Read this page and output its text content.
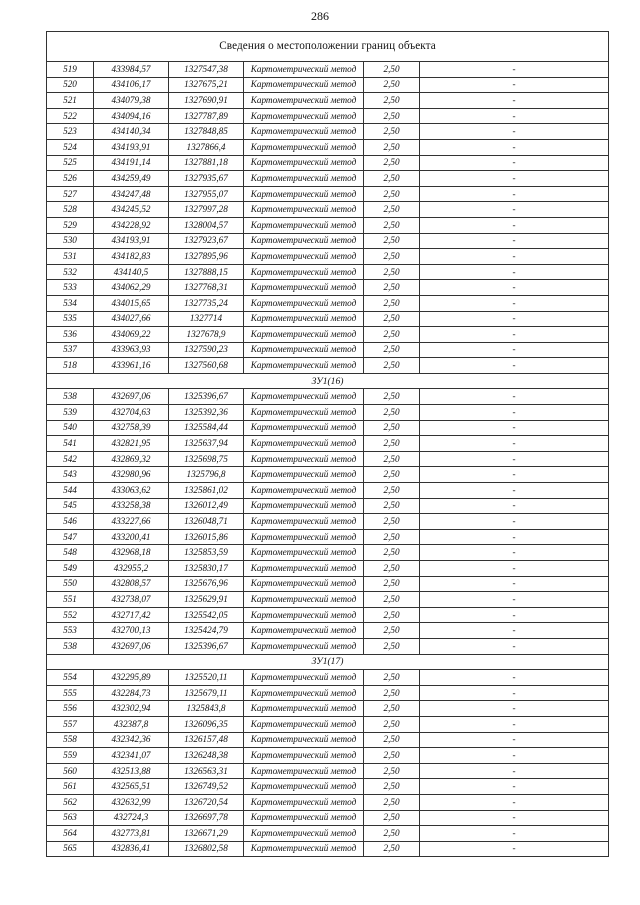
286
Сведения о местоположении границ объекта					
519	433984,57	1327547,38	Картометрический метод	2,50	-
520	434106,17	1327675,21	Картометрический метод	2,50	-
521	434079,38	1327690,91	Картометрический метод	2,50	-
522	434094,16	1327787,89	Картометрический метод	2,50	-
523	434140,34	1327848,85	Картометрический метод	2,50	-
524	434193,91	1327866,4	Картометрический метод	2,50	-
525	434191,14	1327881,18	Картометрический метод	2,50	-
526	434259,49	1327935,67	Картометрический метод	2,50	-
527	434247,48	1327955,07	Картометрический метод	2,50	-
528	434245,52	1327997,28	Картометрический метод	2,50	-
529	434228,92	1328004,57	Картометрический метод	2,50	-
530	434193,91	1327923,67	Картометрический метод	2,50	-
531	434182,83	1327895,96	Картометрический метод	2,50	-
532	434140,5	1327888,15	Картометрический метод	2,50	-
533	434062,29	1327768,31	Картометрический метод	2,50	-
534	434015,65	1327735,24	Картометрический метод	2,50	-
535	434027,66	1327714	Картометрический метод	2,50	-
536	434069,22	1327678,9	Картометрический метод	2,50	-
537	433963,93	1327590,23	Картометрический метод	2,50	-
518	433961,16	1327560,68	Картометрический метод	2,50	-
ЗУ1(16)					
538	432697,06	1325396,67	Картометрический метод	2,50	-
539	432704,63	1325392,36	Картометрический метод	2,50	-
540	432758,39	1325584,44	Картометрический метод	2,50	-
541	432821,95	1325637,94	Картометрический метод	2,50	-
542	432869,32	1325698,75	Картометрический метод	2,50	-
543	432980,96	1325796,8	Картометрический метод	2,50	-
544	433063,62	1325861,02	Картометрический метод	2,50	-
545	433258,38	1326012,49	Картометрический метод	2,50	-
546	433227,66	1326048,71	Картометрический метод	2,50	-
547	433200,41	1326015,86	Картометрический метод	2,50	-
548	432968,18	1325853,59	Картометрический метод	2,50	-
549	432955,2	1325830,17	Картометрический метод	2,50	-
550	432808,57	1325676,96	Картометрический метод	2,50	-
551	432738,07	1325629,91	Картометрический метод	2,50	-
552	432717,42	1325542,05	Картометрический метод	2,50	-
553	432700,13	1325424,79	Картометрический метод	2,50	-
538	432697,06	1325396,67	Картометрический метод	2,50	-
ЗУ1(17)					
554	432295,89	1325520,11	Картометрический метод	2,50	-
555	432284,73	1325679,11	Картометрический метод	2,50	-
556	432302,94	1325843,8	Картометрический метод	2,50	-
557	432387,8	1326096,35	Картометрический метод	2,50	-
558	432342,36	1326157,48	Картометрический метод	2,50	-
559	432341,07	1326248,38	Картометрический метод	2,50	-
560	432513,88	1326563,31	Картометрический метод	2,50	-
561	432565,51	1326749,52	Картометрический метод	2,50	-
562	432632,99	1326720,54	Картометрический метод	2,50	-
563	432724,3	1326697,78	Картометрический метод	2,50	-
564	432773,81	1326671,29	Картометрический метод	2,50	-
565	432836,41	1326802,58	Картометрический метод	2,50	-
